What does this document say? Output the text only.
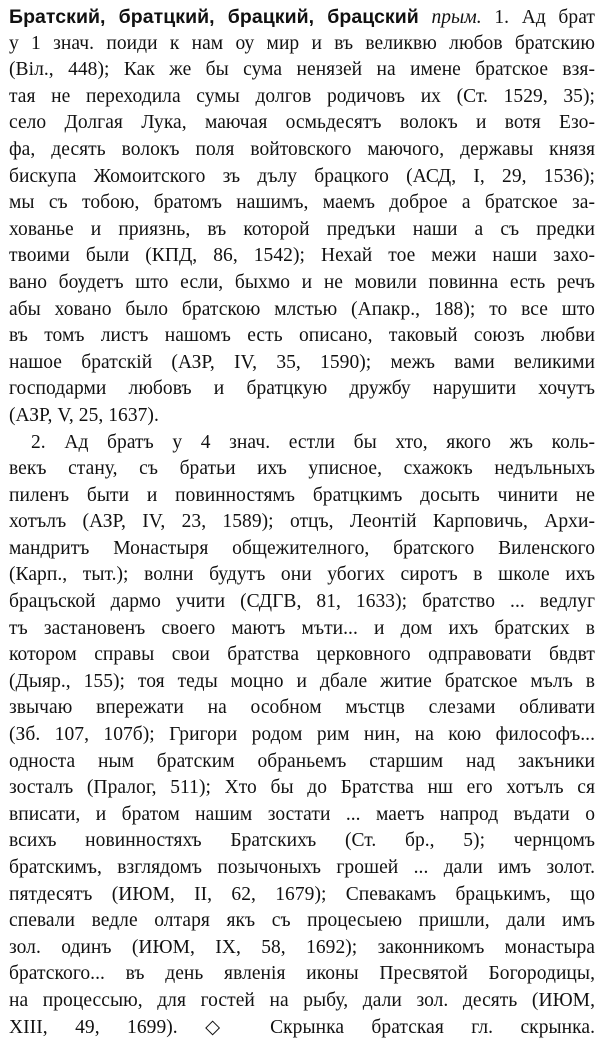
Братский, братцкий, брацкий, брацский прым. 1. Ад брат
у 1 знач. поиди к нам оу мир и въ великвю любов братскию
(Віл., 448); Как же бы сума ненязей на имене братское взя-
тая не переходила сумы долгов родичовъ их (Ст. 1529, 35);
село Долгая Лука, маючая осмьдесятъ волокъ и вотя Езо-
фа, десять волокъ поля войтовского маючого, державы князя
бискупа Жомоитского зъ дълу брацкого (АСД, І, 29, 1536);
мы съ тобою, братомъ нашимъ, маемъ доброе а братское за-
хованье и приязнь, въ которой предъки наши а съ предки
твоими были (КПД, 86, 1542); Нехай тое межи наши захо-
вано боудетъ што если, быхмо и не мовили повинна есть речъ
абы ховано было братскою млстью (Апакр., 188); то все што
въ томъ листъ нашомъ есть описано, таковый союзъ любви
нашое братскій (АЗР, IV, 35, 1590); межъ вами великими
господарми любовъ и братцкую дружбу нарушити хочутъ
(АЗР, V, 25, 1637).
2. Ад братъ у 4 знач. естли бы хто, якого жъ коль-
векъ стану, съ братьи ихъ уписное, схажокъ недъльныхъ
пиленъ быти и повинностямъ братцкимъ досыть чинити не
хотълъ (АЗР, IV, 23, 1589); отцъ, Леонтій Карповичь, Архи-
мандритъ Монастыря общежителного, братского Виленского
(Карп., тыт.); волни будутъ они убогих сиротъ в школе ихъ
брацъской дармо учити (СДГВ, 81, 1633); братство ... ведлуг
тъ застановенъ своего маютъ мъти... и дом ихъ братских в
котором справы свои братства церковного одправовати бвдвт
(Дыяр., 155); тоя теды моцно и дбале житие братское мълъ в
звычаю впережати на особном мъстцв слезами обливати
(Зб. 107, 107б); Григори родом рим нин, на кою философъ...
односта ным братским обраньемъ старшим над закъники
зосталъ (Пралог, 511); Хто бы до Братства нш его хотълъ ся
вписати, и братом нашим зостати ... маетъ напрод въдати о
всихъ новинностяхъ Братскихъ (Ст. бр., 5); чернцомъ
братскимъ, взглядомъ позычоныхъ грошей ... дали имъ золот.
пятдесятъ (ИЮМ, II, 62, 1679); Спевакамъ брацькимъ, що
спевали ведле олтаря якъ съ процесыею пришли, дали имъ
зол. одинъ (ИЮМ, IX, 58, 1692); законникомъ монастыра
братского... въ день явленія иконы Пресвятой Богородицы,
на процессыю, для гостей на рыбу, дали зол. десять (ИЮМ,
XIII, 49, 1699). ◇ Скрынка братская гл. скрынка.
